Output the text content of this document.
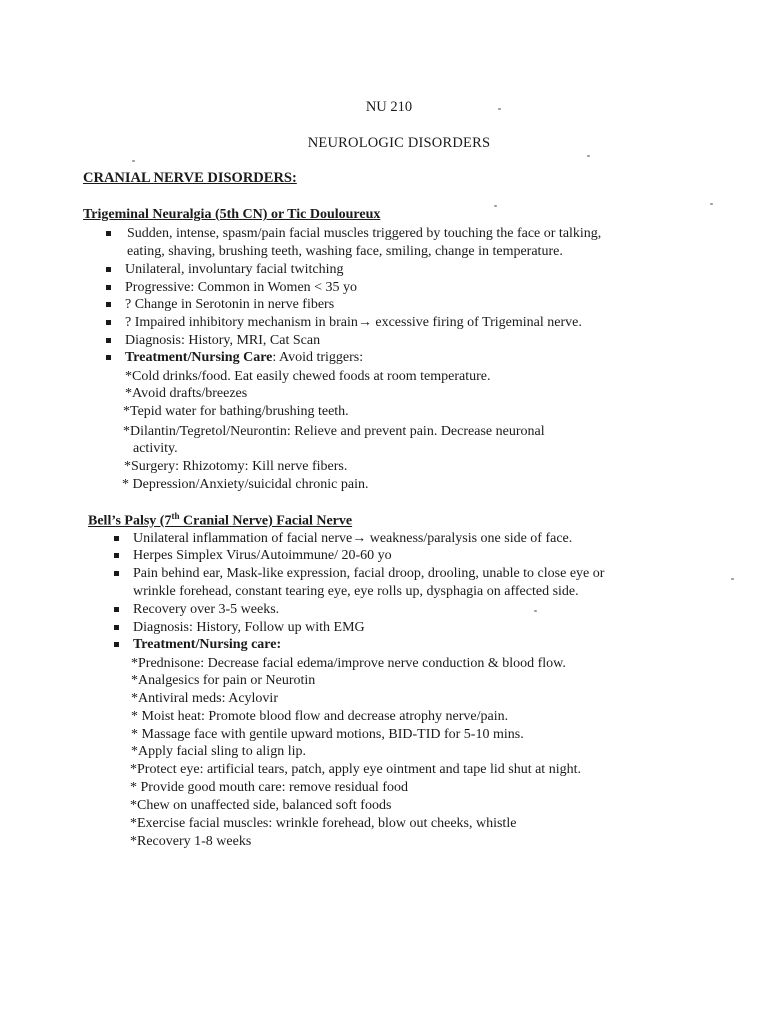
NU 210
NEUROLOGIC DISORDERS
CRANIAL NERVE DISORDERS:
Trigeminal Neuralgia (5th CN) or Tic Douloureux
Sudden, intense, spasm/pain facial muscles triggered by touching the face or talking,
eating, shaving, brushing teeth, washing face, smiling, change in temperature.
Unilateral, involuntary facial twitching
Progressive: Common in Women < 35 yo
? Change in Serotonin in nerve fibers
? Impaired inhibitory mechanism in brain→ excessive firing of Trigeminal nerve.
Diagnosis: History, MRI, Cat Scan
Treatment/Nursing Care: Avoid triggers:
*Cold drinks/food. Eat easily chewed foods at room temperature.
*Avoid drafts/breezes
*Tepid water for bathing/brushing teeth.
*Dilantin/Tegretol/Neurontin: Relieve and prevent pain. Decrease neuronal
activity.
*Surgery: Rhizotomy: Kill nerve fibers.
* Depression/Anxiety/suicidal chronic pain.
Bell’s Palsy (7th Cranial Nerve) Facial Nerve
Unilateral inflammation of facial nerve→ weakness/paralysis one side of face.
Herpes Simplex Virus/Autoimmune/ 20-60 yo
Pain behind ear, Mask-like expression, facial droop, drooling, unable to close eye or
wrinkle forehead, constant tearing eye, eye rolls up, dysphagia on affected side.
Recovery over 3-5 weeks.
Diagnosis: History, Follow up with EMG
Treatment/Nursing care:
*Prednisone: Decrease facial edema/improve nerve conduction & blood flow.
*Analgesics for pain or Neurotin
*Antiviral meds: Acylovir
* Moist heat: Promote blood flow and decrease atrophy nerve/pain.
* Massage face with gentile upward motions, BID-TID for 5-10 mins.
*Apply facial sling to align lip.
*Protect eye: artificial tears, patch, apply eye ointment and tape lid shut at night.
* Provide good mouth care: remove residual food
*Chew on unaffected side, balanced soft foods
*Exercise facial muscles: wrinkle forehead, blow out cheeks, whistle
*Recovery 1-8 weeks
